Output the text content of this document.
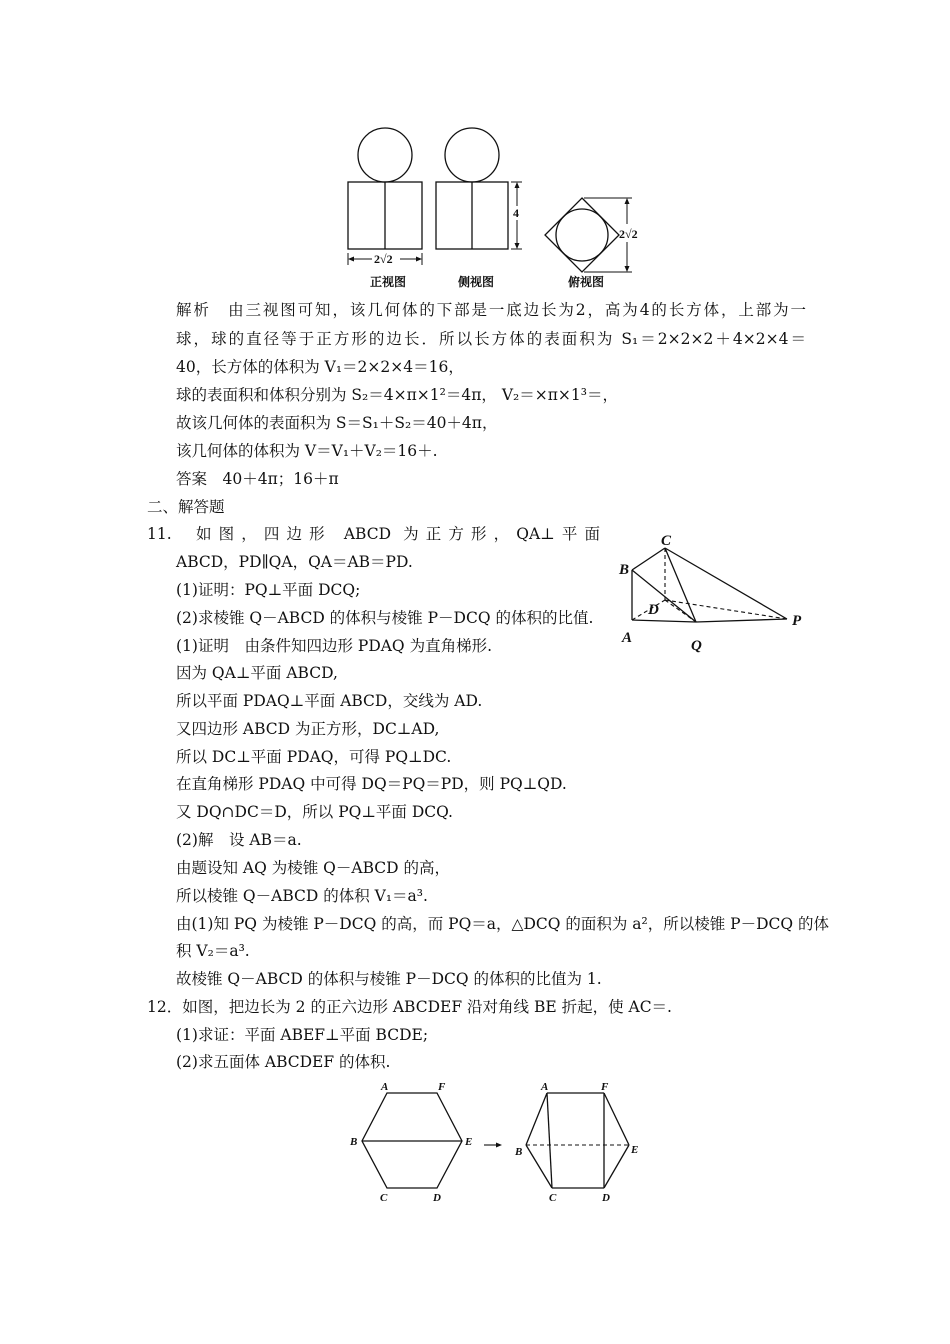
2√2
正视图
4
侧视图
2√2
俯视图
解析　由三视图可知，该几何体的下部是一底边长为2，高为4的长方体，上部为一
球，球的直径等于正方形的边长．所以长方体的表面积为 S₁＝2×2×2＋4×2×4＝
40，长方体的体积为 V₁＝2×2×4＝16，
球的表面积和体积分别为 S₂＝4×π×1²＝4π， V₂＝×π×1³＝，
故该几何体的表面积为 S＝S₁＋S₂＝40＋4π，
该几何体的体积为 V＝V₁＋V₂＝16＋.
答案　40＋4π；16＋π
二、解答题
11. 如图，四边形 ABCD 为正方形，QA⊥平面
ABCD，PD∥QA，QA＝AB＝PD.
(1)证明：PQ⊥平面 DCQ;
(2)求棱锥 Q－ABCD 的体积与棱锥 P－DCQ 的体积的比值.
(1)证明　由条件知四边形 PDAQ 为直角梯形.
因为 QA⊥平面 ABCD,
所以平面 PDAQ⊥平面 ABCD，交线为 AD.
又四边形 ABCD 为正方形，DC⊥AD,
所以 DC⊥平面 PDAQ，可得 PQ⊥DC.
在直角梯形 PDAQ 中可得 DQ＝PQ＝PD，则 PQ⊥QD.
又 DQ∩DC＝D，所以 PQ⊥平面 DCQ.
(2)解　设 AB＝a.
由题设知 AQ 为棱锥 Q－ABCD 的高，
所以棱锥 Q－ABCD 的体积 V₁＝a³.
由(1)知 PQ 为棱锥 P－DCQ 的高，而 PQ＝a，△DCQ 的面积为 a²，所以棱锥 P－DCQ 的体
积 V₂＝a³.
故棱锥 Q－ABCD 的体积与棱锥 P－DCQ 的体积的比值为 1.
C
B
D
A	Q
P
12．如图，把边长为 2 的正六边形 ABCDEF 沿对角线 BE 折起，使 AC＝.
(1)求证：平面 ABEF⊥平面 BCDE;
(2)求五面体 ABCDEF 的体积.
A	F
B	E
C	D
A	F
B	E
C	D
